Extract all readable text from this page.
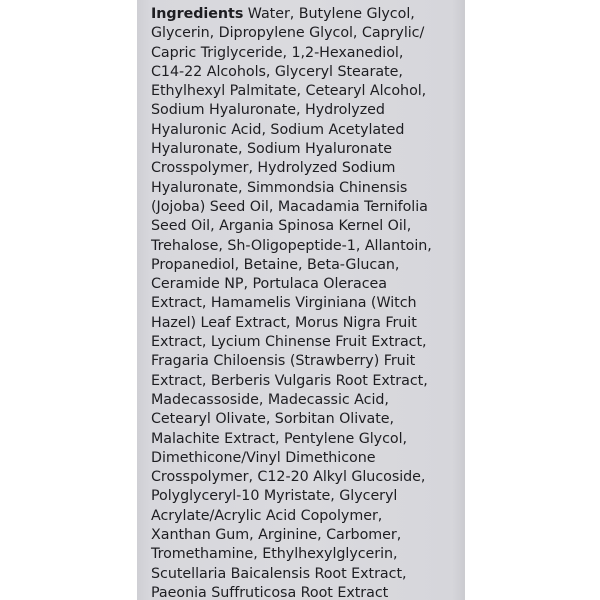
Ingredients Water, Butylene Glycol,
Glycerin, Dipropylene Glycol, Caprylic/
Capric Triglyceride, 1,2-Hexanediol,
C14-22 Alcohols, Glyceryl Stearate,
Ethylhexyl Palmitate, Cetearyl Alcohol,
Sodium Hyaluronate, Hydrolyzed
Hyaluronic Acid, Sodium Acetylated
Hyaluronate, Sodium Hyaluronate
Crosspolymer, Hydrolyzed Sodium
Hyaluronate, Simmondsia Chinensis
(Jojoba) Seed Oil, Macadamia Ternifolia
Seed Oil, Argania Spinosa Kernel Oil,
Trehalose, Sh-Oligopeptide-1, Allantoin,
Propanediol, Betaine, Beta-Glucan,
Ceramide NP, Portulaca Oleracea
Extract, Hamamelis Virginiana (Witch
Hazel) Leaf Extract, Morus Nigra Fruit
Extract, Lycium Chinense Fruit Extract,
Fragaria Chiloensis (Strawberry) Fruit
Extract, Berberis Vulgaris Root Extract,
Madecassoside, Madecassic Acid,
Cetearyl Olivate, Sorbitan Olivate,
Malachite Extract, Pentylene Glycol,
Dimethicone/Vinyl Dimethicone
Crosspolymer, C12-20 Alkyl Glucoside,
Polyglyceryl-10 Myristate, Glyceryl
Acrylate/Acrylic Acid Copolymer,
Xanthan Gum, Arginine, Carbomer,
Tromethamine, Ethylhexylglycerin,
Scutellaria Baicalensis Root Extract,
Paeonia Suffruticosa Root Extract
